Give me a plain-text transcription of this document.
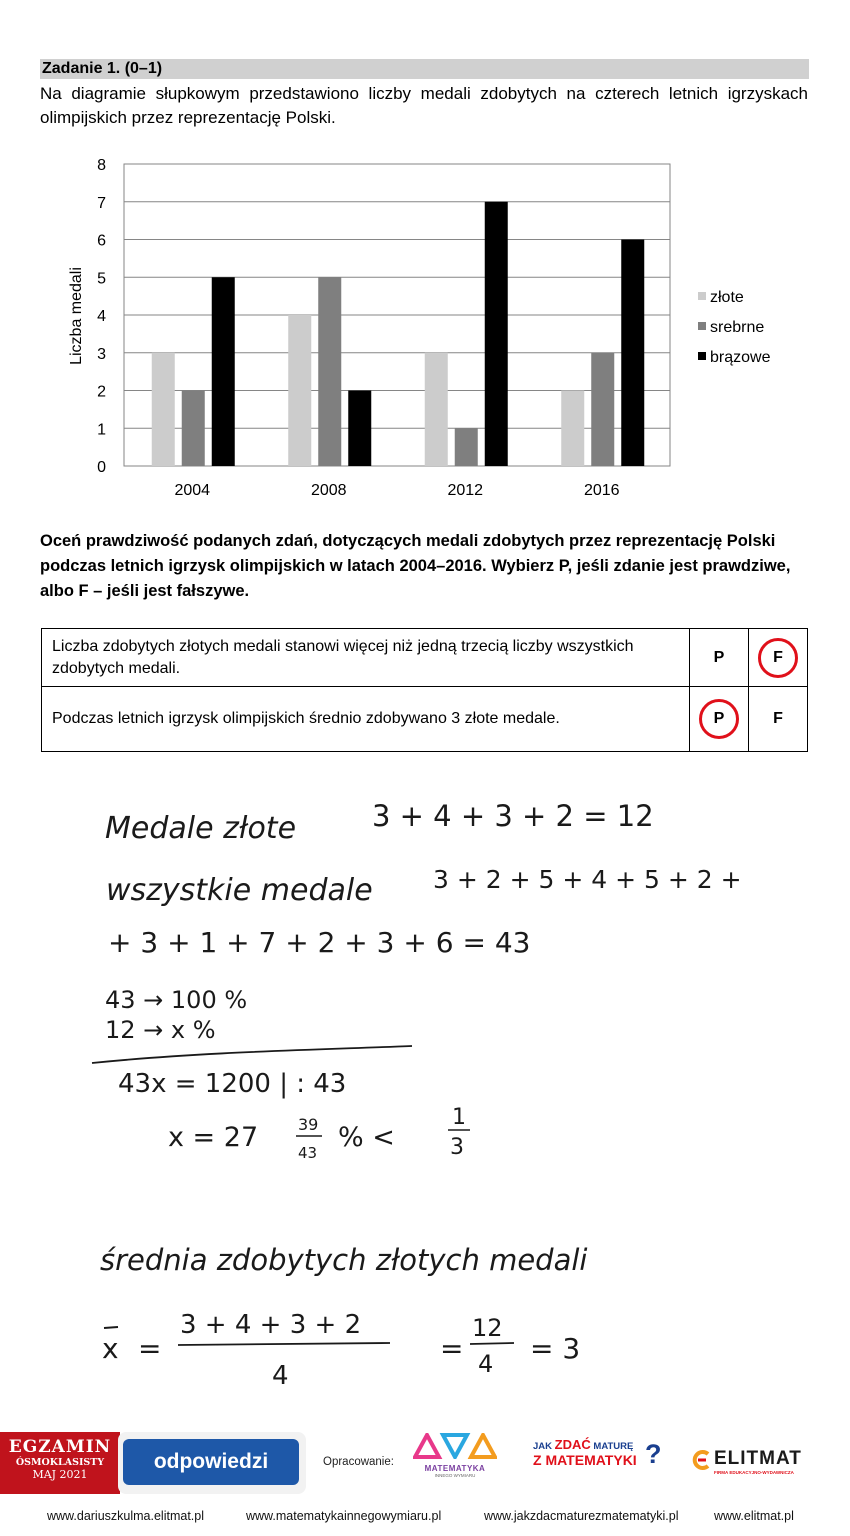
Zadanie 1. (0–1)
Na diagramie słupkowym przedstawiono liczby medali zdobytych na czterech letnich igrzyskach olimpijskich przez reprezentację Polski.
0
1
2
3
4
5
6
7
8
2004	2008	2012	2016
złote
srebrne
brązowe
Liczba medali
Oceń prawdziwość podanych zdań, dotyczących medali zdobytych przez reprezentację Polski podczas letnich igrzysk olimpijskich w latach 2004–2016. Wybierz P, jeśli zdanie jest prawdziwe, albo F – jeśli jest fałszywe.
Liczba zdobytych złotych medali stanowi więcej niż jedną trzecią liczby wszystkich zdobytych medali.	P	F
Podczas letnich igrzysk olimpijskich średnio zdobywano 3 złote medale.	P	F
Medale złote	3 + 4 + 3 + 2 = 12
wszystkie medale 3 + 2 + 5 + 4 + 5 + 2 +
+ 3 + 1 + 7 + 2 + 3 + 6 = 43
43 → 100 %
12 → x %
43x = 1200 | : 43
x = 27 39
43 % <
1
3
średnia zdobytych złotych medali
x =
3 + 4 + 3 + 2
4
=
12
4 = 3
EGZAMIN
ÓSMOKLASISTY
MAJ 2021
odpowiedzi	Opracowanie:
MATEMATYKA
INNEGO WYMIARU
JAK ZDAĆ MATURĘ
Z MATEMATYKI ?	ELITMAT
FIRMA EDUKACYJNO-WYDAWNICZA
www.dariuszkulma.elitmat.pl	www.matematykainnegowymiaru.pl	www.jakzdacmaturezmatematyki.pl	www.elitmat.pl
